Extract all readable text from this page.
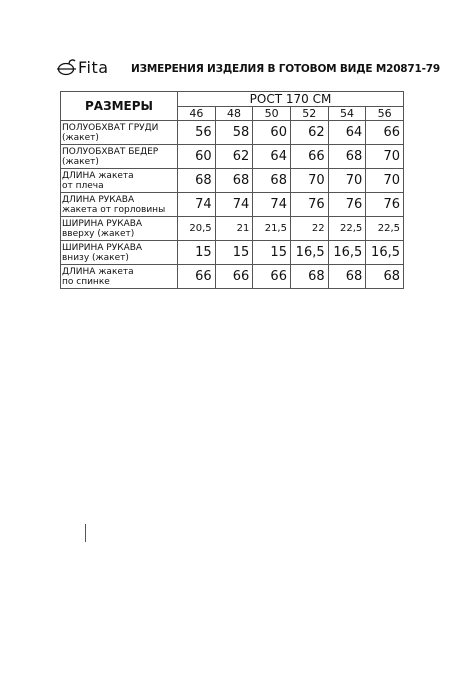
Fita ИЗМЕРЕНИЯ ИЗДЕЛИЯ В ГОТОВОМ ВИДЕ М20871-79
РАЗМЕРЫ	РОСТ 170 СМ					
	46	48	50	52	54	56

ПОЛУОБХВАТ ГРУДИ
(жакет)	56	58	60	62	64	66

ПОЛУОБХВАТ БЕДЕР
(жакет)	60	62	64	66	68	70

ДЛИНА жакета
от плеча	68	68	68	70	70	70

ДЛИНА РУКАВА
жакета от горловины	74	74	74	76	76	76

ШИРИНА РУКАВА
вверху (жакет)	20,5	21	21,5	22	22,5	22,5

ШИРИНА РУКАВА
внизу (жакет)	15	15	15	16,5	16,5	16,5

ДЛИНА жакета
по спинке	66	66	66	68	68	68
